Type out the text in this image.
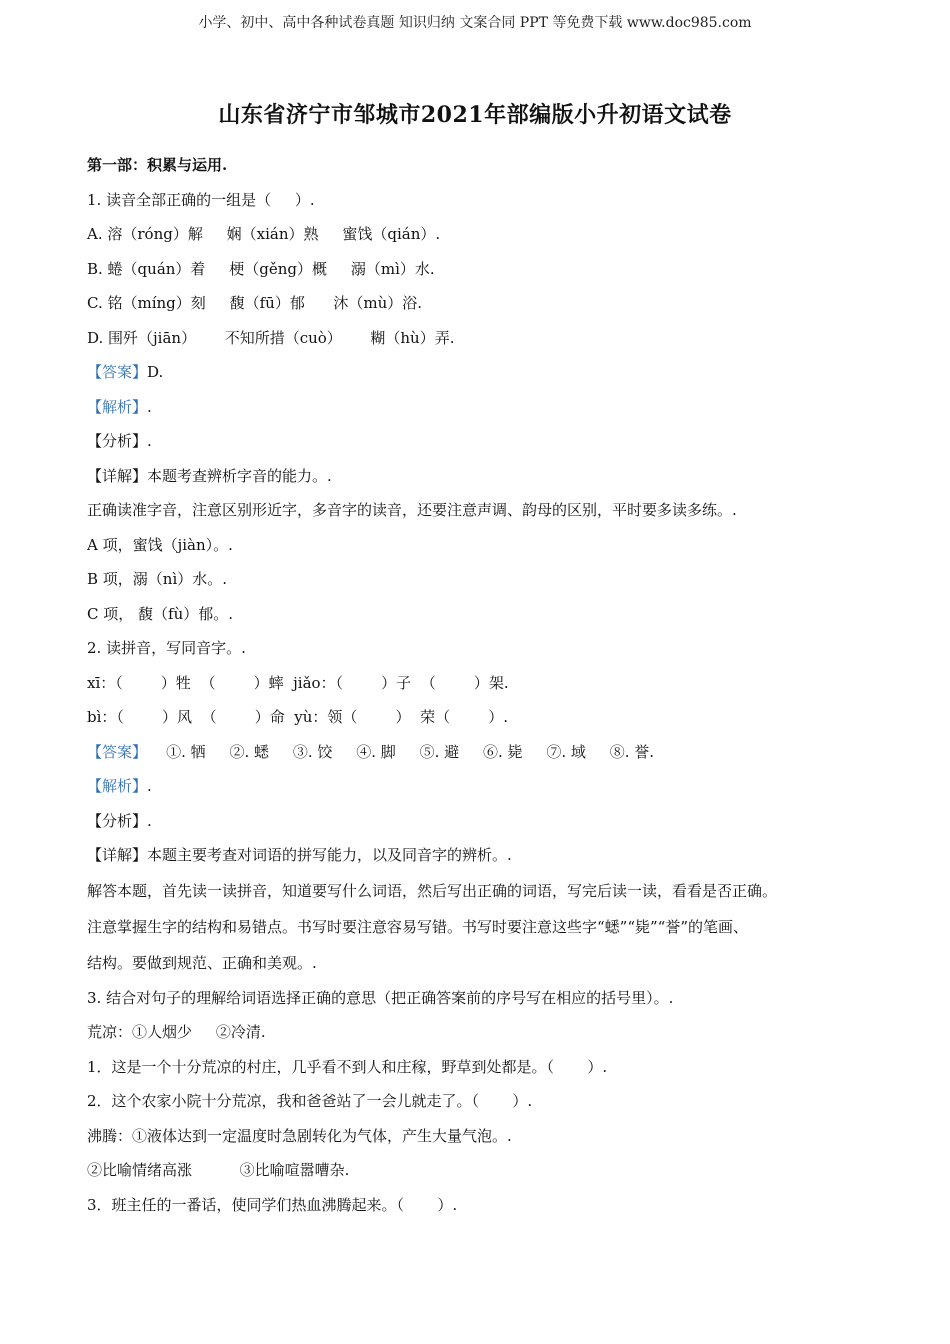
小学、初中、高中各种试卷真题 知识归纳 文案合同 PPT 等免费下载 www.doc985.com
山东省济宁市邹城市2021年部编版小升初语文试卷
第一部：积累与运用.
1. 读音全部正确的一组是（     ）.
A. 溶（róng）解     娴（xián）熟     蜜饯（qián）.
B. 蜷（quán）着     梗（gěng）概     溺（mì）水.
C. 铭（míng）刻     馥（fū）郁      沐（mù）浴.
D. 围歼（jiān）      不知所措（cuò）      糊（hù）弄.
【答案】D.
【解析】.
【分析】.
【详解】本题考查辨析字音的能力。.
正确读准字音，注意区别形近字，多音字的读音，还要注意声调、韵母的区别，平时要多读多练。.
A 项，蜜饯（jiàn）。.
B 项，溺（nì）水。.
C 项， 馥（fù）郁。.
2. 读拼音，写同音字。.
xī：（        ）牲  （        ）蟀  jiǎo：（        ）子  （        ）架.
bì：（        ）风  （        ）命  yù：领（        ）  荣（        ）.
【答案】    ①. 牺     ②. 蟋     ③. 饺     ④. 脚     ⑤. 避     ⑥. 毙     ⑦. 域     ⑧. 誉.
【解析】.
【分析】.
【详解】本题主要考查对词语的拼写能力，以及同音字的辨析。.
解答本题，首先读一读拼音，知道要写什么词语，然后写出正确的词语，写完后读一读，看看是否正确。
注意掌握生字的结构和易错点。书写时要注意容易写错。书写时要注意这些字“蟋”“毙”“誉”的笔画、
结构。要做到规范、正确和美观。.
3. 结合对句子的理解给词语选择正确的意思（把正确答案前的序号写在相应的括号里）。.
荒凉：①人烟少     ②冷清.
1．这是一个十分荒凉的村庄，几乎看不到人和庄稼，野草到处都是。（       ）.
2．这个农家小院十分荒凉，我和爸爸站了一会儿就走了。（       ）.
沸腾：①液体达到一定温度时急剧转化为气体，产生大量气泡。.
②比喻情绪高涨          ③比喻喧嚣嘈杂.
3．班主任的一番话，使同学们热血沸腾起来。（       ）.
